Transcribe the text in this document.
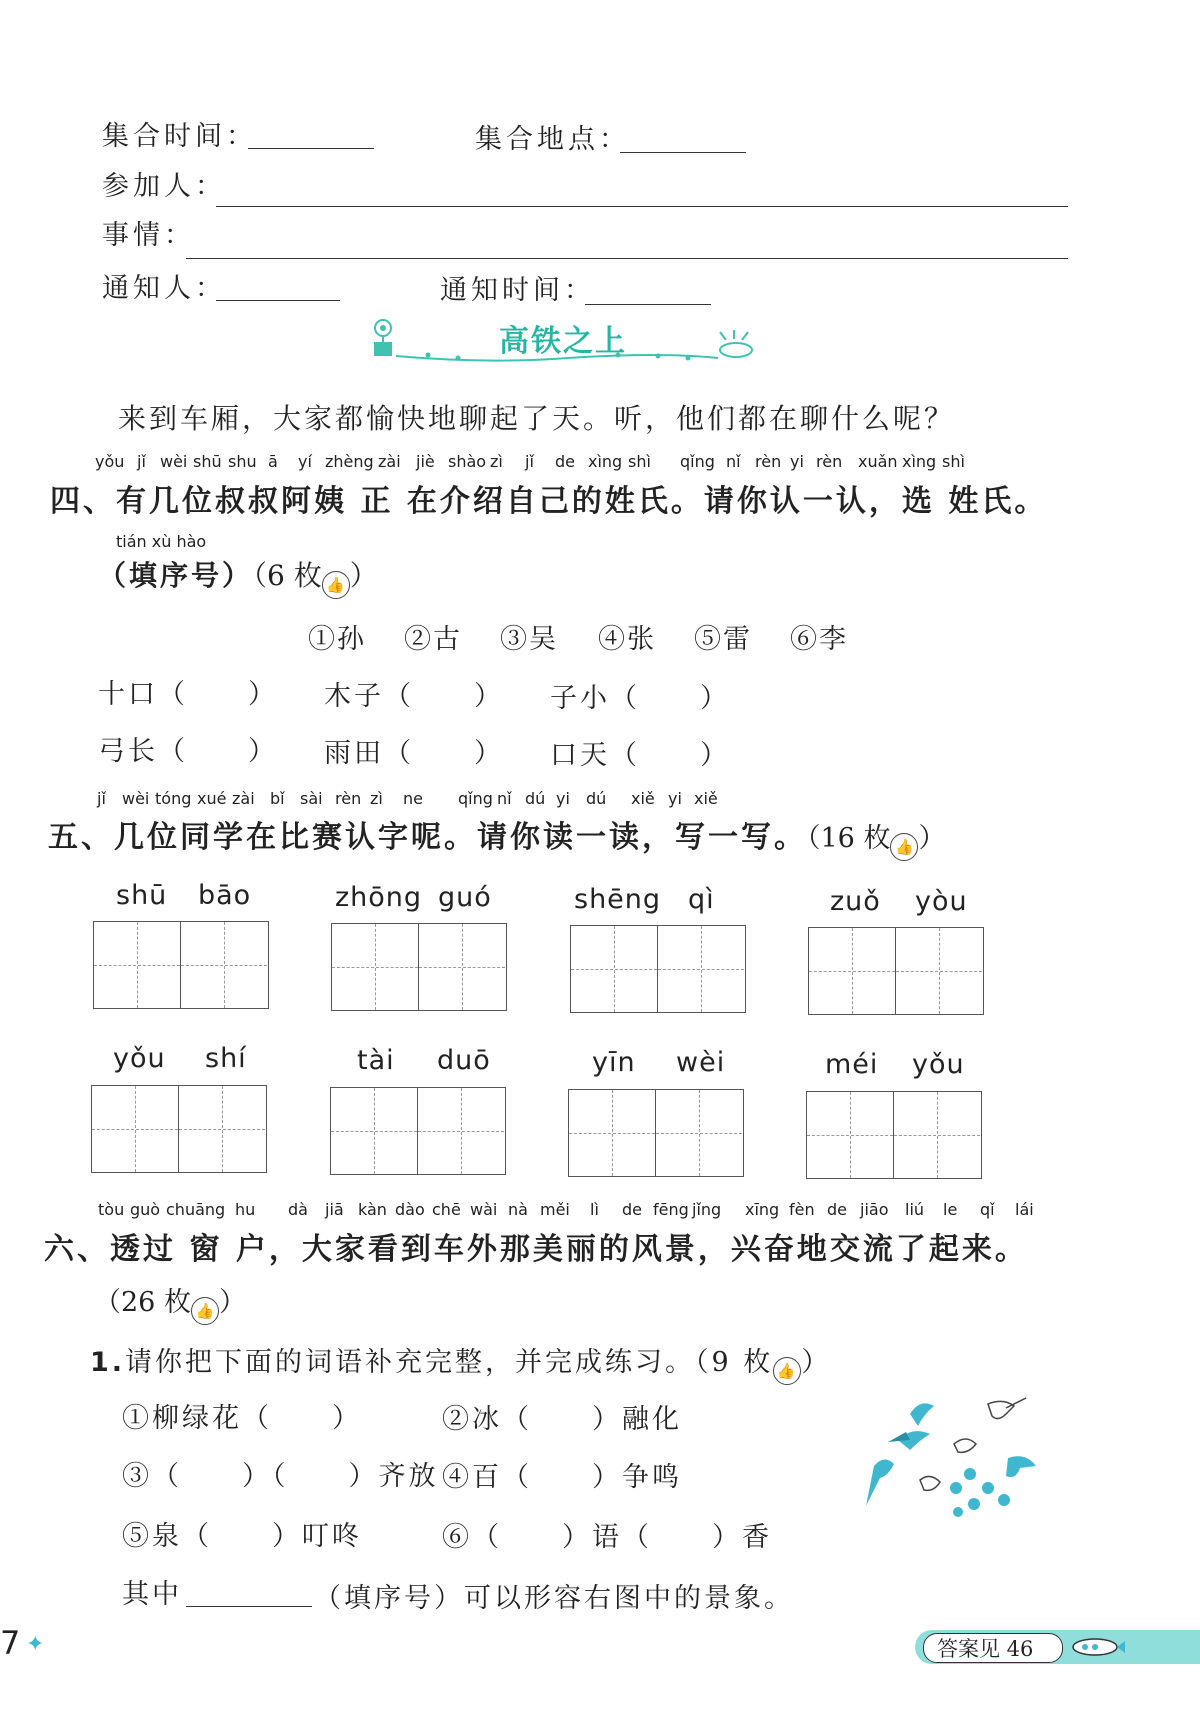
集合时间：	集合地点：
参加人：
事情：
通知人：	通知时间：
高铁之上
来到车厢，大家都愉快地聊起了天。听，他们都在聊什么呢？
yǒu jǐ wèi shū shu ā yí zhèng zài jiè shào zì jǐ de xìng shì qǐng nǐ rèn yi rèn xuǎn xìng shì
四、有几位叔叔阿姨 正 在介绍自己的姓氏。请你认一认，选 姓氏。
tián xù hào
（填序号）（6 枚 👍 ）
①孙 ②古 ③吴 ④张 ⑤雷 ⑥李
十口（　　） 木子（　　） 子小（　　）
弓长（　　） 雨田（　　） 口天（　　）
jǐ wèi tóng xué zài bǐ sài rèn zì ne qǐng nǐ dú yi dú xiě yi xiě
五、几位同学在比赛认字呢。请你读一读，写一写。（16 枚 👍 ）
shū bāo	zhōng guó	shēng qì	zuǒ yòu
yǒu shí	tài duō	yīn wèi	méi yǒu
tòu guò chuāng hu dà jiā kàn dào chē wài nà měi lì de fēng jǐng xīng fèn de jiāo liú le qǐ lái
六、透过 窗 户，大家看到车外那美丽的风景，兴奋地交流了起来。
（26 枚 👍 ）
1.请你把下面的词语补充完整，并完成练习。（9 枚 👍 ）
①柳绿花（　　）	②冰（　　）融化
③（　　）（　　）齐放 ④百（　　）争鸣
⑤泉（　　）叮咚	⑥（　　）语（　　）香
其中	（填序号）可以形容右图中的景象。
7 ✦	答案见 46
